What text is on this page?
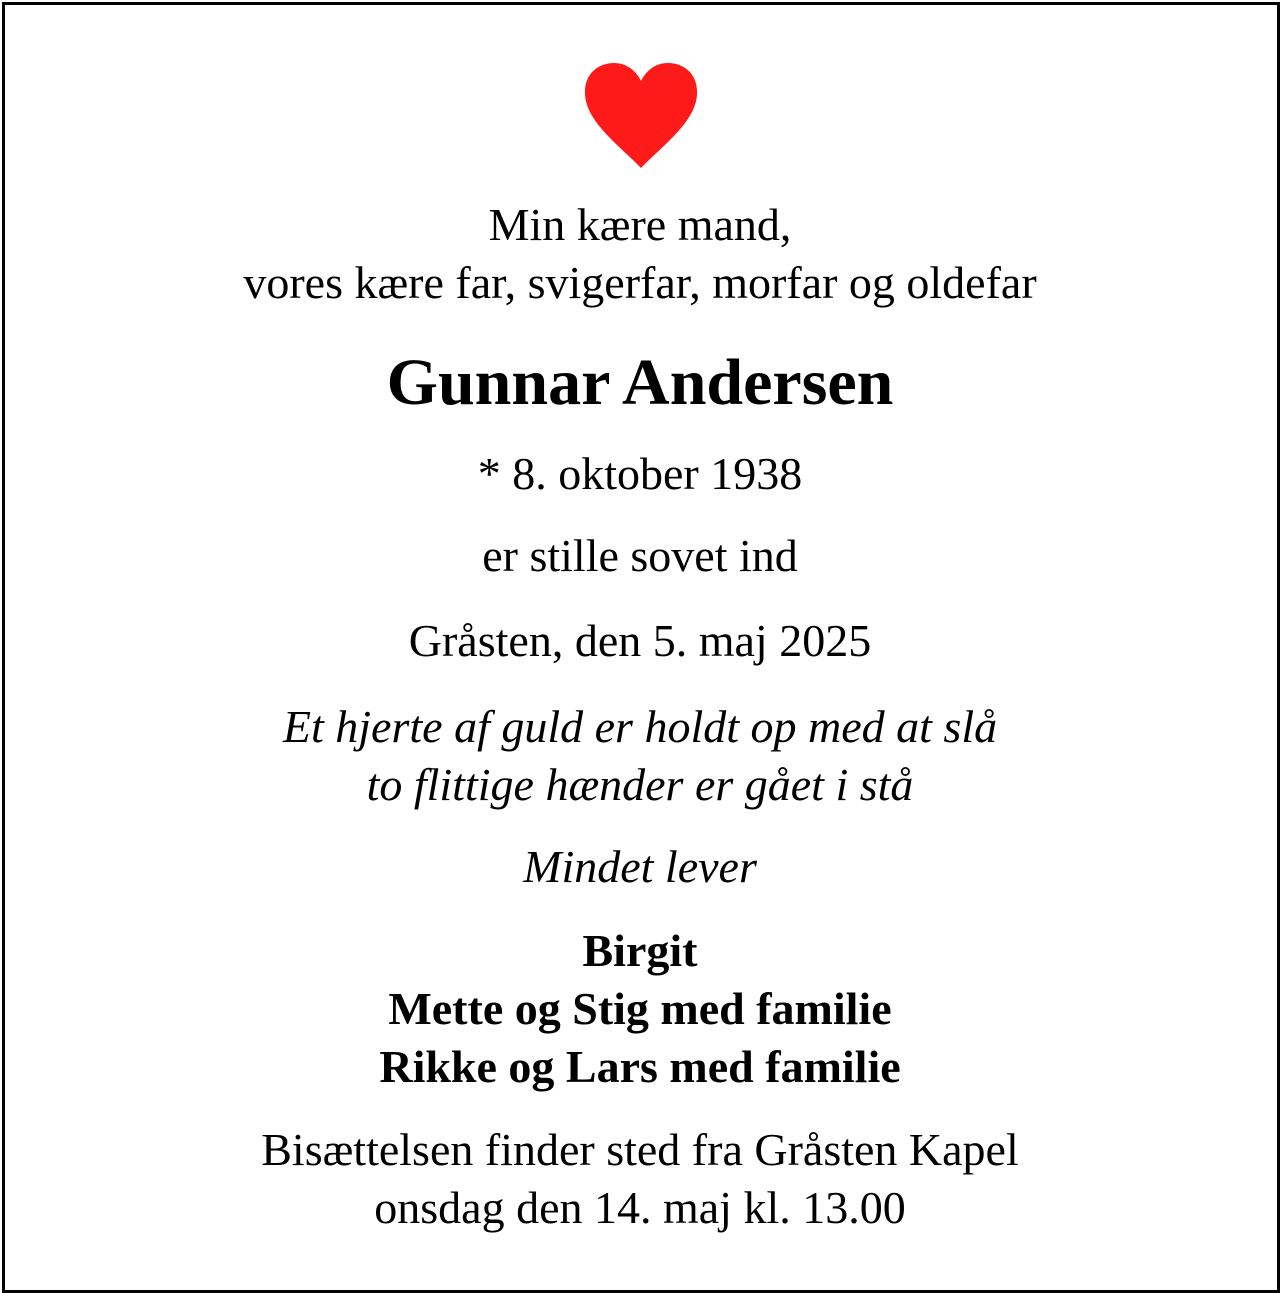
Min kære mand,
vores kære far, svigerfar, morfar og oldefar
Gunnar Andersen
* 8. oktober 1938
er stille sovet ind
Gråsten, den 5. maj 2025
Et hjerte af guld er holdt op med at slå
to flittige hænder er gået i stå
Mindet lever
Birgit
Mette og Stig med familie
Rikke og Lars med familie
Bisættelsen finder sted fra Gråsten Kapel
onsdag den 14. maj kl. 13.00
